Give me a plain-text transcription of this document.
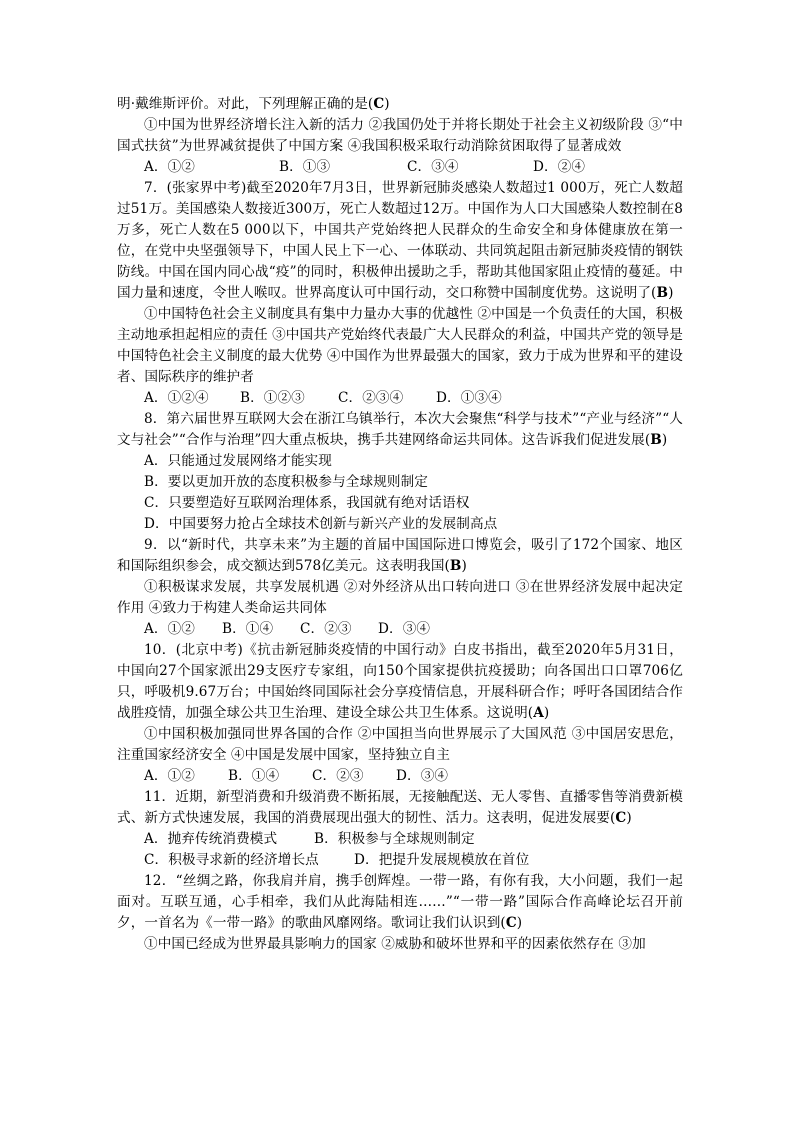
明·戴维斯评价。对此，下列理解正确的是(C)

①中国为世界经济增长注入新的活力 ②我国仍处于并将长期处于社会主义初级阶段 ③“中国式扶贫”为世界减贫提供了中国方案 ④我国积极采取行动消除贫困取得了显著成效

A．①②	B．①③	C．③④	D．②④

7．(张家界中考)截至2020年7月3日，世界新冠肺炎感染人数超过1 000万，死亡人数超过51万。美国感染人数接近300万，死亡人数超过12万。中国作为人口大国感染人数控制在8万多，死亡人数在5 000以下，中国共产党始终把人民群众的生命安全和身体健康放在第一位，在党中央坚强领导下，中国人民上下一心、一体联动、共同筑起阻击新冠肺炎疫情的钢铁防线。中国在国内同心战“疫”的同时，积极伸出援助之手，帮助其他国家阻止疫情的蔓延。中国力量和速度，令世人喉叹。世界高度认可中国行动，交口称赞中国制度优势。这说明了(B)

①中国特色社会主义制度具有集中力量办大事的优越性 ②中国是一个负责任的大国，积极主动地承担起相应的责任 ③中国共产党始终代表最广大人民群众的利益，中国共产党的领导是中国特色社会主义制度的最大优势 ④中国作为世界最强大的国家，致力于成为世界和平的建设者、国际秩序的维护者

A．①②④	B．①②③	C．②③④	D．①③④

8．第六届世界互联网大会在浙江乌镇举行，本次大会聚焦“科学与技术”“产业与经济”“人文与社会”“合作与治理”四大重点板块，携手共建网络命运共同体。这告诉我们促进发展(B)

A．只能通过发展网络才能实现

B．要以更加开放的态度积极参与全球规则制定

C．只要塑造好互联网治理体系，我国就有绝对话语权

D．中国要努力抢占全球技术创新与新兴产业的发展制高点

9．以“新时代，共享未来”为主题的首届中国国际进口博览会，吸引了172个国家、地区和国际组织参会，成交额达到578亿美元。这表明我国(B)

①积极谋求发展，共享发展机遇 ②对外经济从出口转向进口 ③在世界经济发展中起决定作用 ④致力于构建人类命运共同体

A．①②	B．①④	C．②③	D．③④

10．(北京中考)《抗击新冠肺炎疫情的中国行动》白皮书指出，截至2020年5月31日，中国向27个国家派出29支医疗专家组，向150个国家提供抗疫援助；向各国出口口罩706亿只，呼吸机9.67万台；中国始终同国际社会分享疫情信息，开展科研合作；呼吁各国团结合作战胜疫情，加强全球公共卫生治理、建设全球公共卫生体系。这说明(A)

①中国积极加强同世界各国的合作 ②中国担当向世界展示了大国风范 ③中国居安思危，注重国家经济安全 ④中国是发展中国家，坚持独立自主

A．①②	B．①④	C．②③	D．③④

11．近期，新型消费和升级消费不断拓展，无接触配送、无人零售、直播零售等消费新模式、新方式快速发展，我国的消费展现出强大的韧性、活力。这表明，促进发展要(C)

A．抛弃传统消费模式	B．积极参与全球规则制定
C．积极寻求新的经济增长点	D．把提升发展规模放在首位

12．“丝绸之路，你我肩并肩，携手创辉煌。一带一路，有你有我，大小问题，我们一起面对。互联互通，心手相牵，我们从此海陆相连……”“一带一路”国际合作高峰论坛召开前夕，一首名为《一带一路》的歌曲风靡网络。歌词让我们认识到(C)

①中国已经成为世界最具影响力的国家 ②威胁和破坏世界和平的因素依然存在 ③加
